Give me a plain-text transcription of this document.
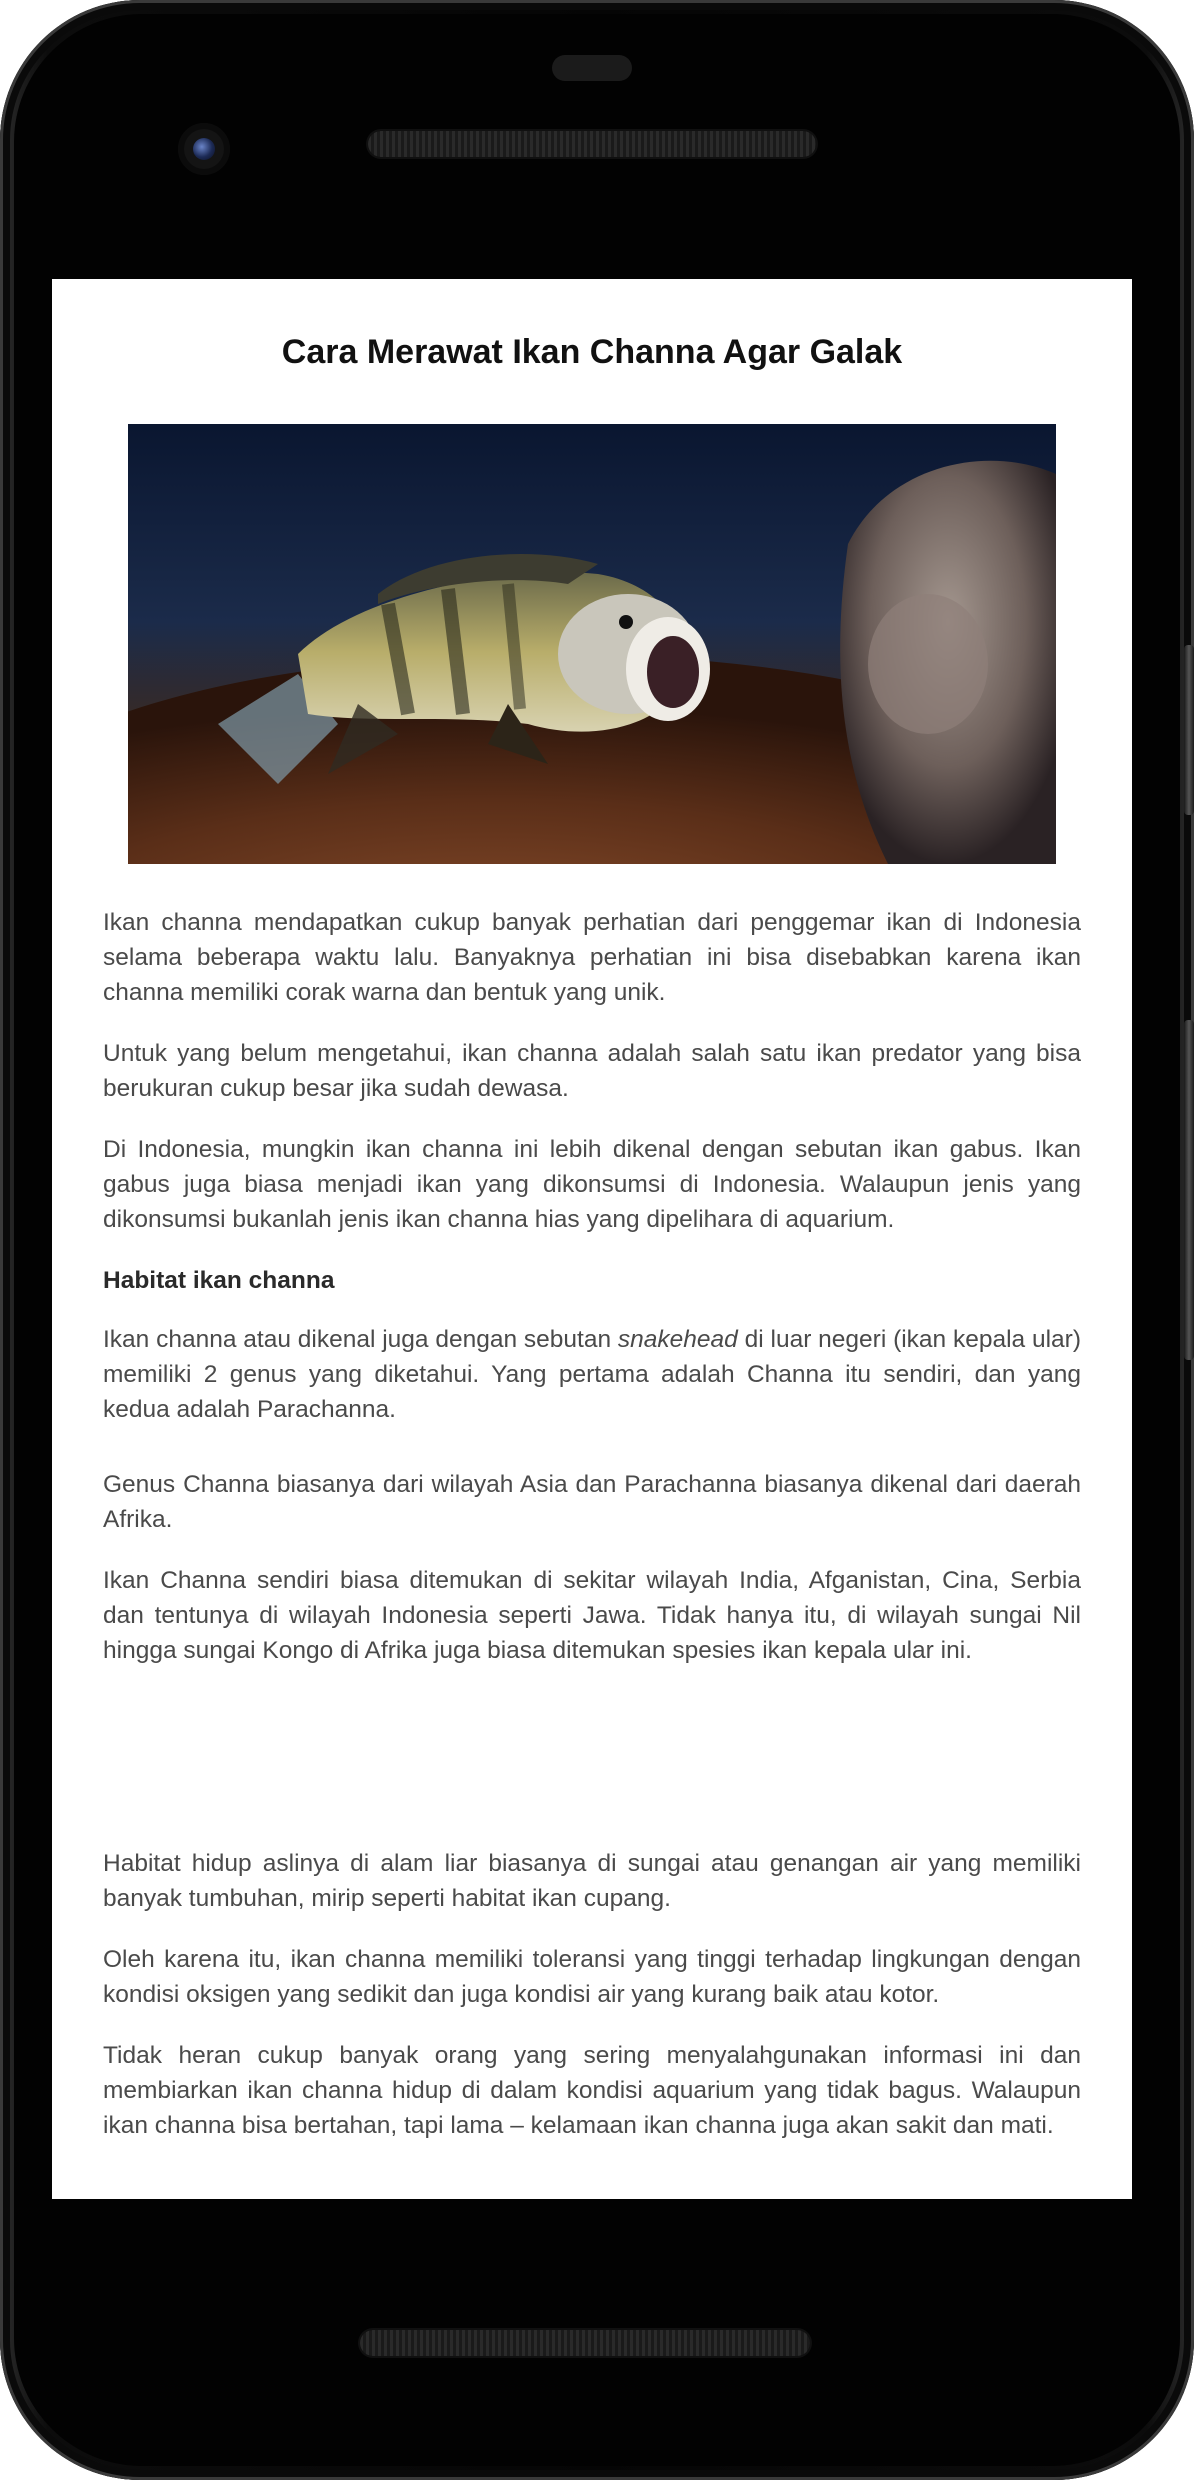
Cara Merawat Ikan Channa Agar Galak

Ikan channa mendapatkan cukup banyak perhatian dari penggemar ikan di Indonesia selama beberapa waktu lalu. Banyaknya perhatian ini bisa disebabkan karena ikan channa memiliki corak warna dan bentuk yang unik.

Untuk yang belum mengetahui, ikan channa adalah salah satu ikan predator yang bisa berukuran cukup besar jika sudah dewasa.

Di Indonesia, mungkin ikan channa ini lebih dikenal dengan sebutan ikan gabus. Ikan gabus juga biasa menjadi ikan yang dikonsumsi di Indonesia. Walaupun jenis yang dikonsumsi bukanlah jenis ikan channa hias yang dipelihara di aquarium.

Habitat ikan channa

Ikan channa atau dikenal juga dengan sebutan snakehead di luar negeri (ikan kepala ular) memiliki 2 genus yang diketahui. Yang pertama adalah Channa itu sendiri, dan yang kedua adalah Parachanna.

Genus Channa biasanya dari wilayah Asia dan Parachanna biasanya dikenal dari daerah Afrika.

Ikan Channa sendiri biasa ditemukan di sekitar wilayah India, Afganistan, Cina, Serbia dan tentunya di wilayah Indonesia seperti Jawa. Tidak hanya itu, di wilayah sungai Nil hingga sungai Kongo di Afrika juga biasa ditemukan spesies ikan kepala ular ini.

Habitat hidup aslinya di alam liar biasanya di sungai atau genangan air yang memiliki banyak tumbuhan, mirip seperti habitat ikan cupang.

Oleh karena itu, ikan channa memiliki toleransi yang tinggi terhadap lingkungan dengan kondisi oksigen yang sedikit dan juga kondisi air yang kurang baik atau kotor.

Tidak heran cukup banyak orang yang sering menyalahgunakan informasi ini dan membiarkan ikan channa hidup di dalam kondisi aquarium yang tidak bagus. Walaupun ikan channa bisa bertahan, tapi lama – kelamaan ikan channa juga akan sakit dan mati.
